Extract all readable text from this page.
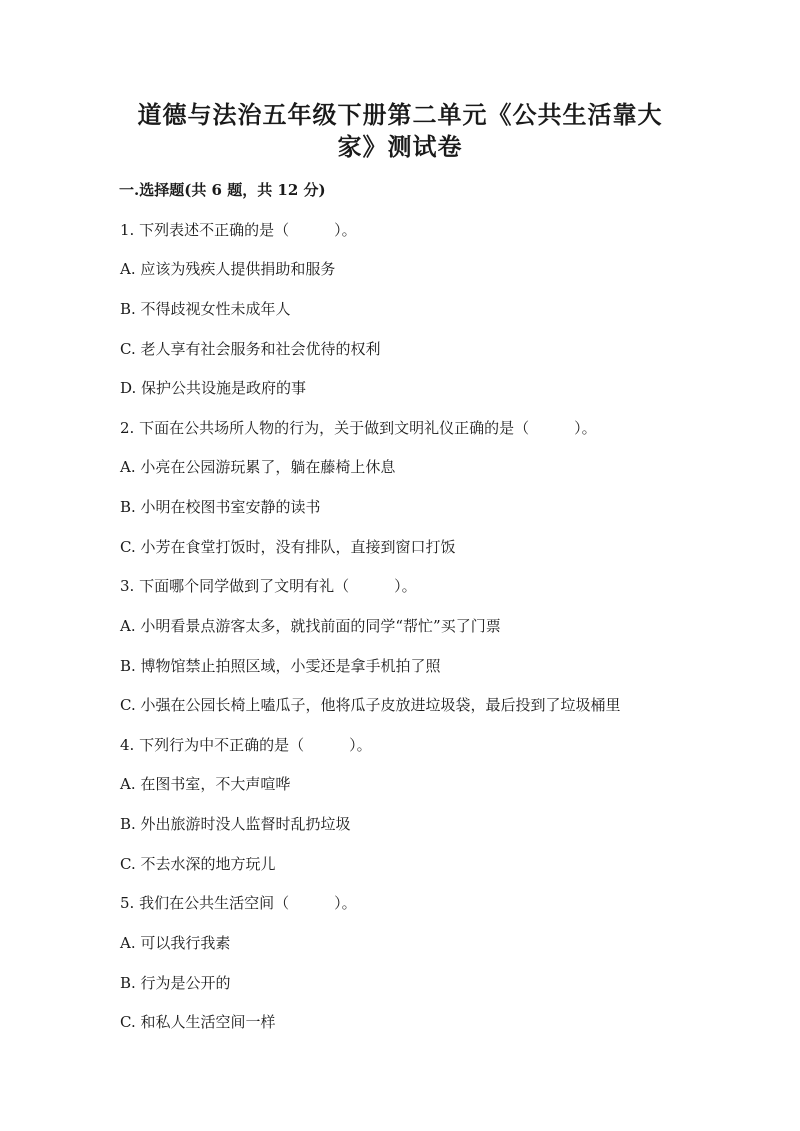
道德与法治五年级下册第二单元《公共生活靠大
家》测试卷
一.选择题(共 6 题，共 12 分)
1. 下列表述不正确的是（　　　）。
A. 应该为残疾人提供捐助和服务
B. 不得歧视女性未成年人
C. 老人享有社会服务和社会优待的权利
D. 保护公共设施是政府的事
2. 下面在公共场所人物的行为，关于做到文明礼仪正确的是（　　　）。
A. 小亮在公园游玩累了，躺在藤椅上休息
B. 小明在校图书室安静的读书
C. 小芳在食堂打饭时，没有排队，直接到窗口打饭
3. 下面哪个同学做到了文明有礼（　　　）。
A. 小明看景点游客太多，就找前面的同学“帮忙”买了门票
B. 博物馆禁止拍照区域，小雯还是拿手机拍了照
C. 小强在公园长椅上嗑瓜子，他将瓜子皮放进垃圾袋，最后投到了垃圾桶里
4. 下列行为中不正确的是（　　　）。
A. 在图书室，不大声喧哗
B. 外出旅游时没人监督时乱扔垃圾
C. 不去水深的地方玩儿
5. 我们在公共生活空间（　　　）。
A. 可以我行我素
B. 行为是公开的
C. 和私人生活空间一样
